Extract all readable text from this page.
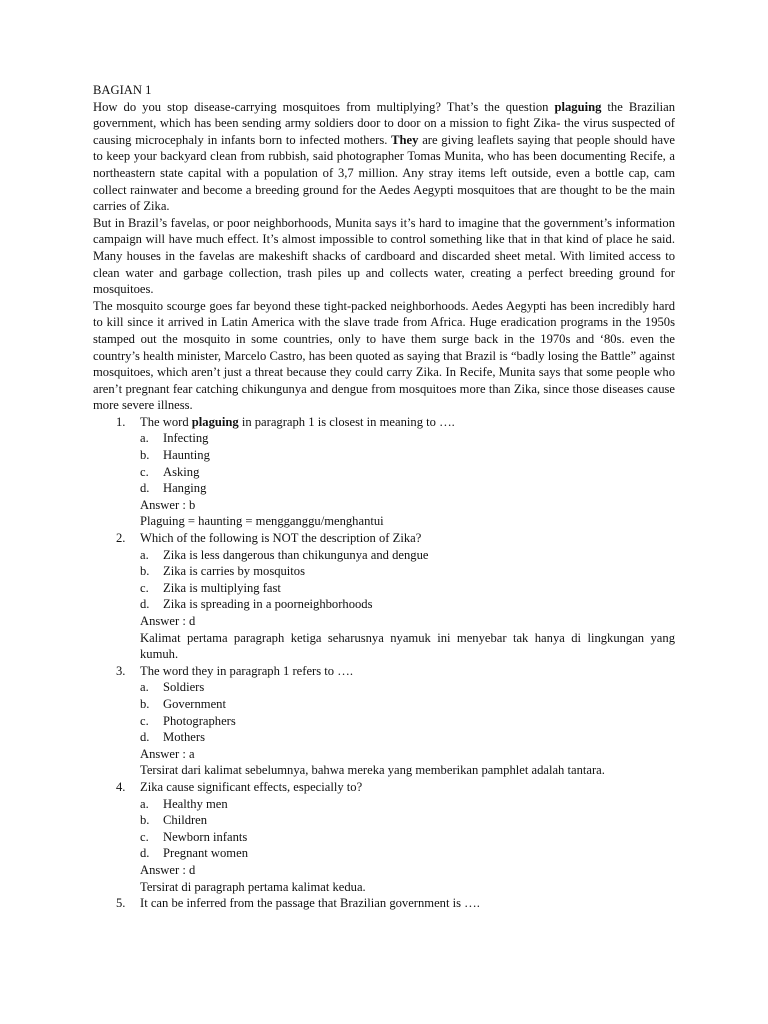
BAGIAN 1

How do you stop disease-carrying mosquitoes from multiplying? That’s the question plaguing the Brazilian government, which has been sending army soldiers door to door on a mission to fight Zika- the virus suspected of causing microcephaly in infants born to infected mothers. They are giving leaflets saying that people should have to keep your backyard clean from rubbish, said photographer Tomas Munita, who has been documenting Recife, a northeastern state capital with a population of 3,7 million. Any stray items left outside, even a bottle cap, cam collect rainwater and become a breeding ground for the Aedes Aegypti mosquitoes that are thought to be the main carries of Zika.

But in Brazil’s favelas, or poor neighborhoods, Munita says it’s hard to imagine that the government’s information campaign will have much effect. It’s almost impossible to control something like that in that kind of place he said. Many houses in the favelas are makeshift shacks of cardboard and discarded sheet metal. With limited access to clean water and garbage collection, trash piles up and collects water, creating a perfect breeding ground for mosquitoes.

The mosquito scourge goes far beyond these tight-packed neighborhoods. Aedes Aegypti has been incredibly hard to kill since it arrived in Latin America with the slave trade from Africa. Huge eradication programs in the 1950s stamped out the mosquito in some countries, only to have them surge back in the 1970s and ‘80s. even the country’s health minister, Marcelo Castro, has been quoted as saying that Brazil is “badly losing the Battle” against mosquitoes, which aren’t just a threat because they could carry Zika. In Recife, Munita says that some people who aren’t pregnant fear catching chikungunya and dengue from mosquitoes more than Zika, since those diseases cause more severe illness.

1. The word plaguing in paragraph 1 is closest in meaning to ….
a. Infecting
b. Haunting
c. Asking
d. Hanging

Answer : b

Plaguing = haunting = mengganggu/menghantui

2. Which of the following is NOT the description of Zika?
a. Zika is less dangerous than chikungunya and dengue
b. Zika is carries by mosquitos
c. Zika is multiplying fast
d. Zika is spreading in a poorneighborhoods

Answer : d

Kalimat pertama paragraph ketiga seharusnya nyamuk ini menyebar tak hanya di lingkungan yang kumuh.

3. The word they in paragraph 1 refers to ….
a. Soldiers
b. Government
c. Photographers
d. Mothers

Answer : a

Tersirat dari kalimat sebelumnya, bahwa mereka yang memberikan pamphlet adalah tantara.

4. Zika cause significant effects, especially to?
a. Healthy men
b. Children
c. Newborn infants
d. Pregnant women

Answer : d

Tersirat di paragraph pertama kalimat kedua.

5. It can be inferred from the passage that Brazilian government is ….
